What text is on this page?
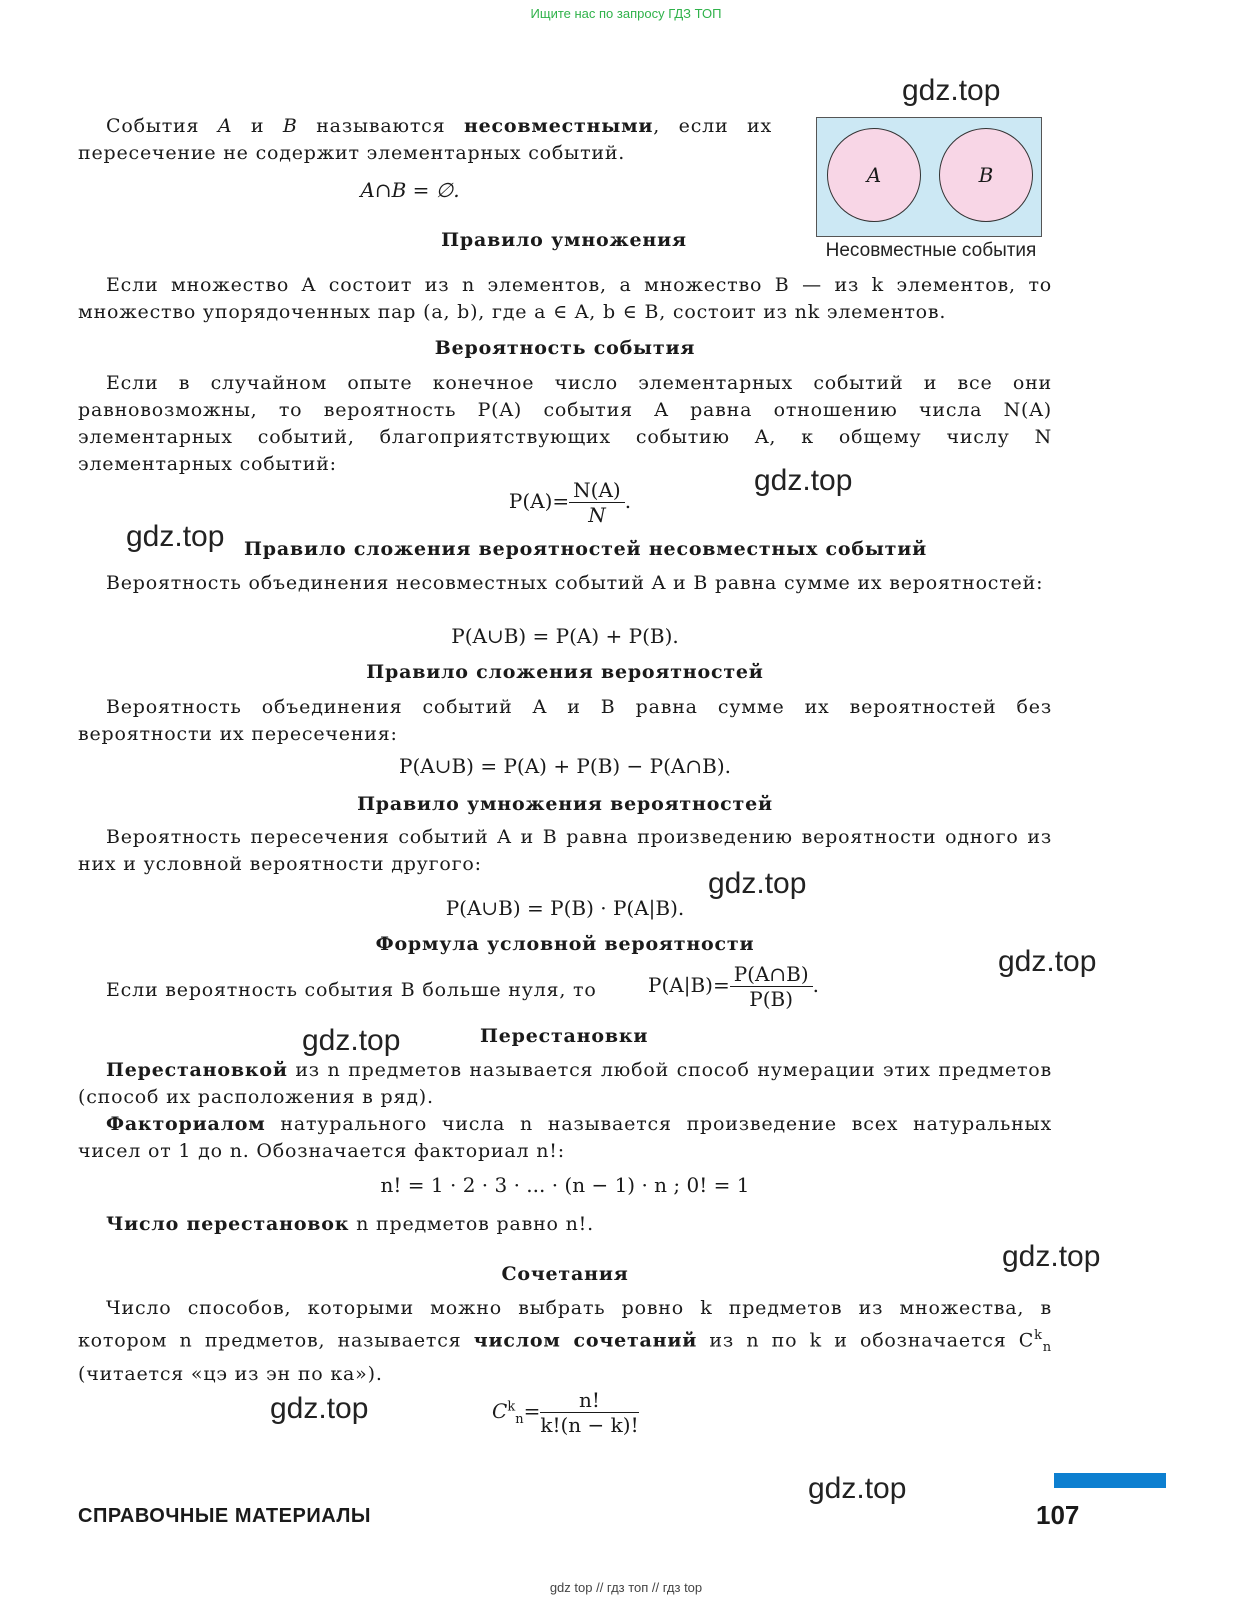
Ищите нас по запросу ГДЗ ТОП
gdz.top
gdz.top
gdz.top
gdz.top
gdz.top
gdz.top
gdz.top
gdz.top
gdz.top
A	B
Несовместные события
События A и B называются несовместными, если их пересечение не содержит элементарных событий.
A∩B = ∅.
Правило умножения
Если множество A состоит из n элементов, а множество B — из k элементов, то множество упорядоченных пар (a, b), где a ∈ A, b ∈ B, состоит из nk элементов.
Вероятность события
Если в случайном опыте конечное число элементарных событий и все они равновозможны, то вероятность P(A) события A равна отношению числа N(A) элементарных событий, благоприятствующих событию A, к общему числу N элементарных событий:
$P(A)= \frac{N(A)}{N}$ .
Правило сложения вероятностей несовместных событий
Вероятность объединения несовместных событий A и B равна сумме их вероятностей:
P(A∪B) = P(A) + P(B).
Правило сложения вероятностей
Вероятность объединения событий A и B равна сумме их вероятностей без вероятности их пересечения:
P(A∪B) = P(A) + P(B) − P(A∩B).
Правило умножения вероятностей
Вероятность пересечения событий A и B равна произведению вероятности одного из них и условной вероятности другого:
P(A∪B) = P(B) · P(A|B).
Формула условной вероятности
Если вероятность события B больше нуля, то	$P(A|B)= \frac{P(A\cap B)}{P(B)}$ .
Перестановки
Перестановкой из n предметов называется любой способ нумерации этих предметов (способ их расположения в ряд).
Факториалом натурального числа n называется произведение всех натуральных чисел от 1 до n. Обозначается факториал n!:
n! = 1 · 2 · 3 · ... · (n − 1) · n ; 0! = 1
Число перестановок n предметов равно n!.
Сочетания
Число способов, которыми можно выбрать ровно k предметов из множества, в котором n предметов, называется числом сочетаний из n по k и обозначается $C^k_n$ (читается «цэ из эн по ка»).
$C^k_n= \frac{n!}{k!(n - k)!}$
СПРАВОЧНЫЕ МАТЕРИАЛЫ	107
gdz top // гдз топ // гдз top
